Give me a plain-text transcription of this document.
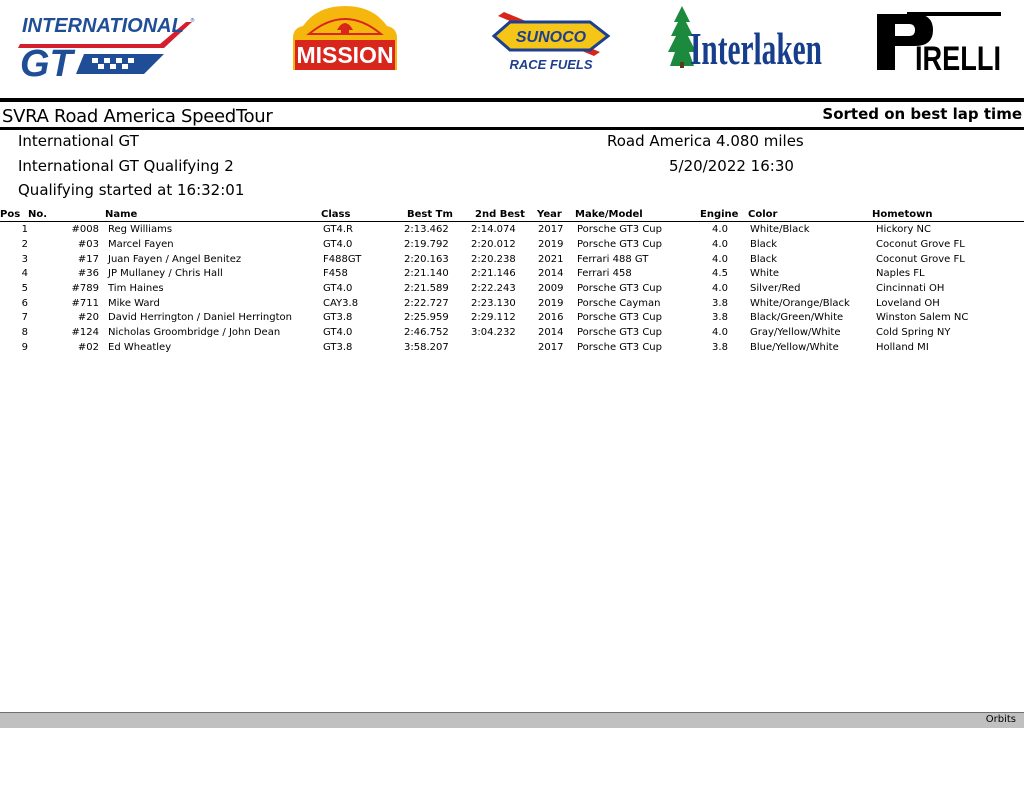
INTERNATIONAL
GT
®
MISSION
SUNOCO
RACE FUELS Interlaken	IRELLI
SVRA Road America SpeedTour	Sorted on best lap time
International GT
International GT Qualifying 2
Qualifying started at 16:32:01
Road America 4.080 miles
5/20/2022 16:30
Pos	No.	Name	Class	Best Tm	2nd Best	Year	Make/Model	Engine	Color	Hometown
1	#008	Reg Williams	GT4.R	2:13.462	2:14.074	2017	Porsche GT3 Cup	4.0	White/Black	Hickory NC
2	#03	Marcel Fayen	GT4.0	2:19.792	2:20.012	2019	Porsche GT3 Cup	4.0	Black	Coconut Grove FL
3	#17	Juan Fayen / Angel Benitez	F488GT	2:20.163	2:20.238	2021	Ferrari 488 GT	4.0	Black	Coconut Grove FL
4	#36	JP Mullaney / Chris Hall	F458	2:21.140	2:21.146	2014	Ferrari 458	4.5	White	Naples FL
5	#789	Tim Haines	GT4.0	2:21.589	2:22.243	2009	Porsche GT3 Cup	4.0	Silver/Red	Cincinnati OH
6	#711	Mike Ward	CAY3.8	2:22.727	2:23.130	2019	Porsche Cayman	3.8	White/Orange/Black	Loveland OH
7	#20	David Herrington / Daniel Herrington	GT3.8	2:25.959	2:29.112	2016	Porsche GT3 Cup	3.8	Black/Green/White	Winston Salem NC
8	#124	Nicholas Groombridge / John Dean	GT4.0	2:46.752	3:04.232	2014	Porsche GT3 Cup	4.0	Gray/Yellow/White	Cold Spring NY
9	#02	Ed Wheatley	GT3.8	3:58.207		2017	Porsche GT3 Cup	3.8	Blue/Yellow/White	Holland MI
Orbits
